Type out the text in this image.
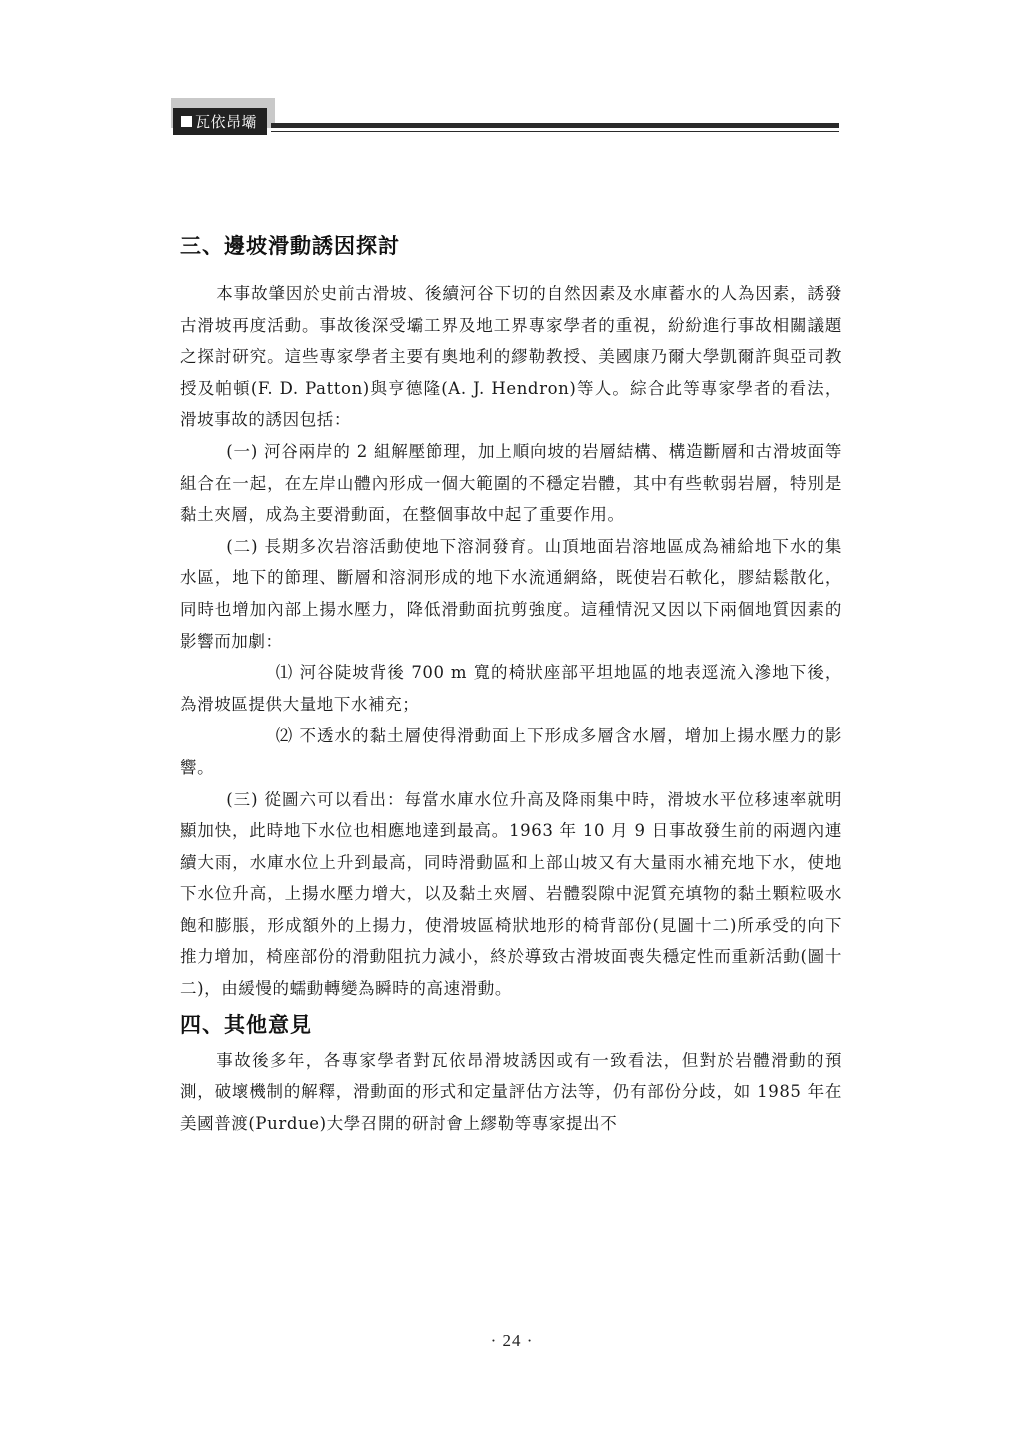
瓦依昂壩
三、邊坡滑動誘因探討

本事故肇因於史前古滑坡、後續河谷下切的自然因素及水庫蓄水的人為因素，誘發古滑坡再度活動。事故後深受壩工界及地工界專家學者的重視，紛紛進行事故相關議題之探討研究。這些專家學者主要有奧地利的繆勒教授、美國康乃爾大學凱爾許與亞司教授及帕頓(F. D. Patton)與亨德隆(A. J. Hendron)等人。綜合此等專家學者的看法，滑坡事故的誘因包括：

(一) 河谷兩岸的 2 組解壓節理，加上順向坡的岩層結構、構造斷層和古滑坡面等組合在一起，在左岸山體內形成一個大範圍的不穩定岩體，其中有些軟弱岩層，特別是黏土夾層，成為主要滑動面，在整個事故中起了重要作用。

(二) 長期多次岩溶活動使地下溶洞發育。山頂地面岩溶地區成為補給地下水的集水區，地下的節理、斷層和溶洞形成的地下水流通網絡，既使岩石軟化，膠結鬆散化，同時也增加內部上揚水壓力，降低滑動面抗剪強度。這種情況又因以下兩個地質因素的影響而加劇：

⑴ 河谷陡坡背後 700 m 寬的椅狀座部平坦地區的地表逕流入滲地下後，為滑坡區提供大量地下水補充；

⑵ 不透水的黏土層使得滑動面上下形成多層含水層，增加上揚水壓力的影響。

(三) 從圖六可以看出：每當水庫水位升高及降雨集中時，滑坡水平位移速率就明顯加快，此時地下水位也相應地達到最高。1963 年 10 月 9 日事故發生前的兩週內連續大雨，水庫水位上升到最高，同時滑動區和上部山坡又有大量雨水補充地下水，使地下水位升高，上揚水壓力增大，以及黏土夾層、岩體裂隙中泥質充填物的黏土顆粒吸水飽和膨脹，形成額外的上揚力，使滑坡區椅狀地形的椅背部份(見圖十二)所承受的向下推力增加，椅座部份的滑動阻抗力減小，終於導致古滑坡面喪失穩定性而重新活動(圖十二)，由緩慢的蠕動轉變為瞬時的高速滑動。

四、其他意見

事故後多年，各專家學者對瓦依昂滑坡誘因或有一致看法，但對於岩體滑動的預測，破壞機制的解釋，滑動面的形式和定量評估方法等，仍有部份分歧，如 1985 年在美國普渡(Purdue)大學召開的研討會上繆勒等專家提出不

· 24 ·
